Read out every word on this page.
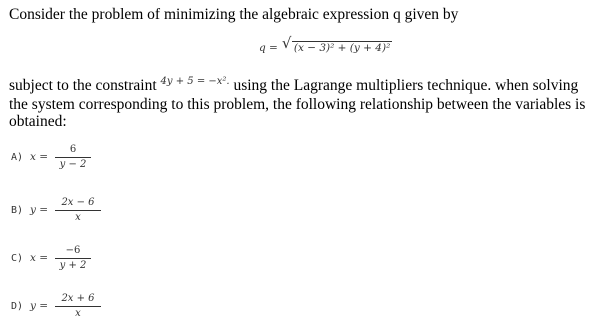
Consider the problem of minimizing the algebraic expression q given by
q = √ (x − 3)² + (y + 4)²
subject to the constraint $^{4y + 5 = -x^2.}$ using the Lagrange multipliers technique. when solving the system corresponding to this problem, the following relationship between the variables is obtained:
A) x =
6
y − 2
B) y =
2x − 6
x
C) x =
−6
y + 2
D) y =
2x + 6
x
